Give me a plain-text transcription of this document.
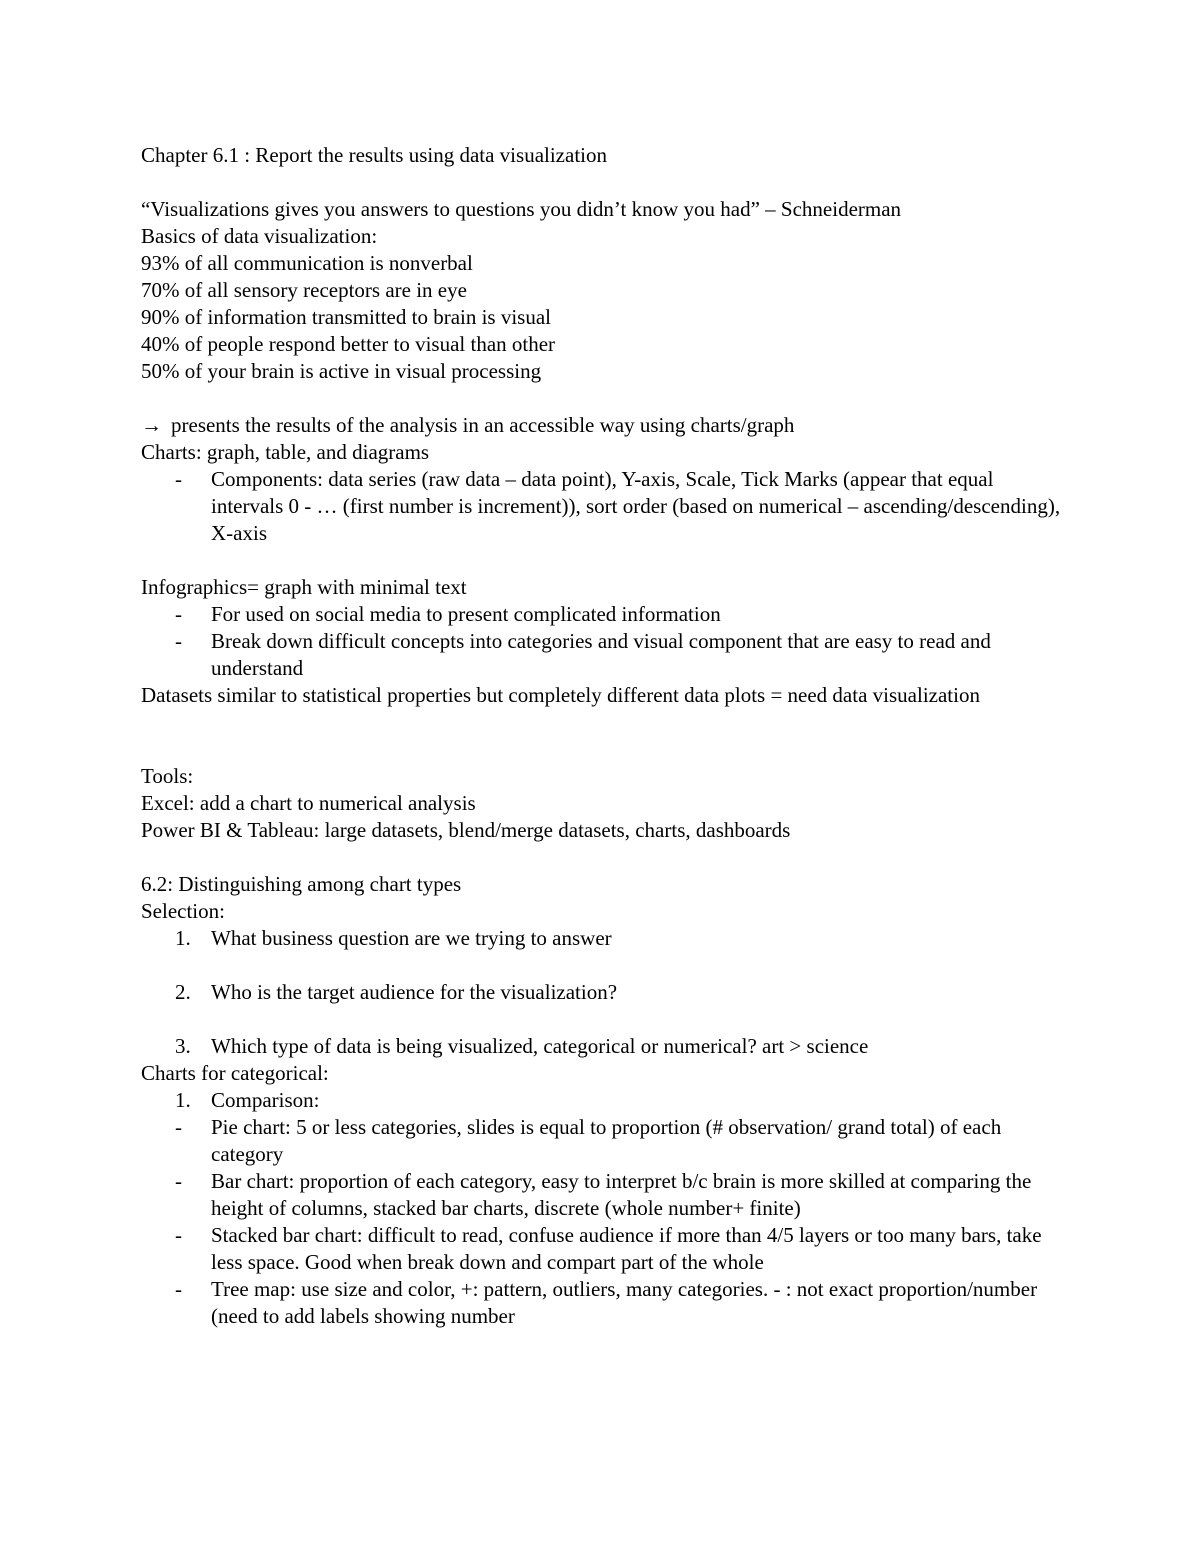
Chapter 6.1 : Report the results using data visualization

“Visualizations gives you answers to questions you didn’t know you had” – Schneiderman

Basics of data visualization:

93% of all communication is nonverbal

70% of all sensory receptors are in eye

90% of information transmitted to brain is visual

40% of people respond better to visual than other

50% of your brain is active in visual processing

→ presents the results of the analysis in an accessible way using charts/graph

Charts: graph, table, and diagrams

- Components: data series (raw data – data point), Y-axis, Scale, Tick Marks (appear that equal intervals 0 - … (first number is increment)), sort order (based on numerical – ascending/descending), X-axis

Infographics= graph with minimal text

- For used on social media to present complicated information
- Break down difficult concepts into categories and visual component that are easy to read and understand

Datasets similar to statistical properties but completely different data plots = need data visualization

Tools:

Excel: add a chart to numerical analysis

Power BI & Tableau: large datasets, blend/merge datasets, charts, dashboards

6.2: Distinguishing among chart types

Selection:

1. What business question are we trying to answer
2. Who is the target audience for the visualization?
3. Which type of data is being visualized, categorical or numerical? art > science

Charts for categorical:

1. Comparison:
- Pie chart: 5 or less categories, slides is equal to proportion (# observation/ grand total) of each category
- Bar chart: proportion of each category, easy to interpret b/c brain is more skilled at comparing the height of columns, stacked bar charts, discrete (whole number+ finite)
- Stacked bar chart: difficult to read, confuse audience if more than 4/5 layers or too many bars, take less space. Good when break down and compart part of the whole
- Tree map: use size and color, +: pattern, outliers, many categories. - : not exact proportion/number (need to add labels showing number
